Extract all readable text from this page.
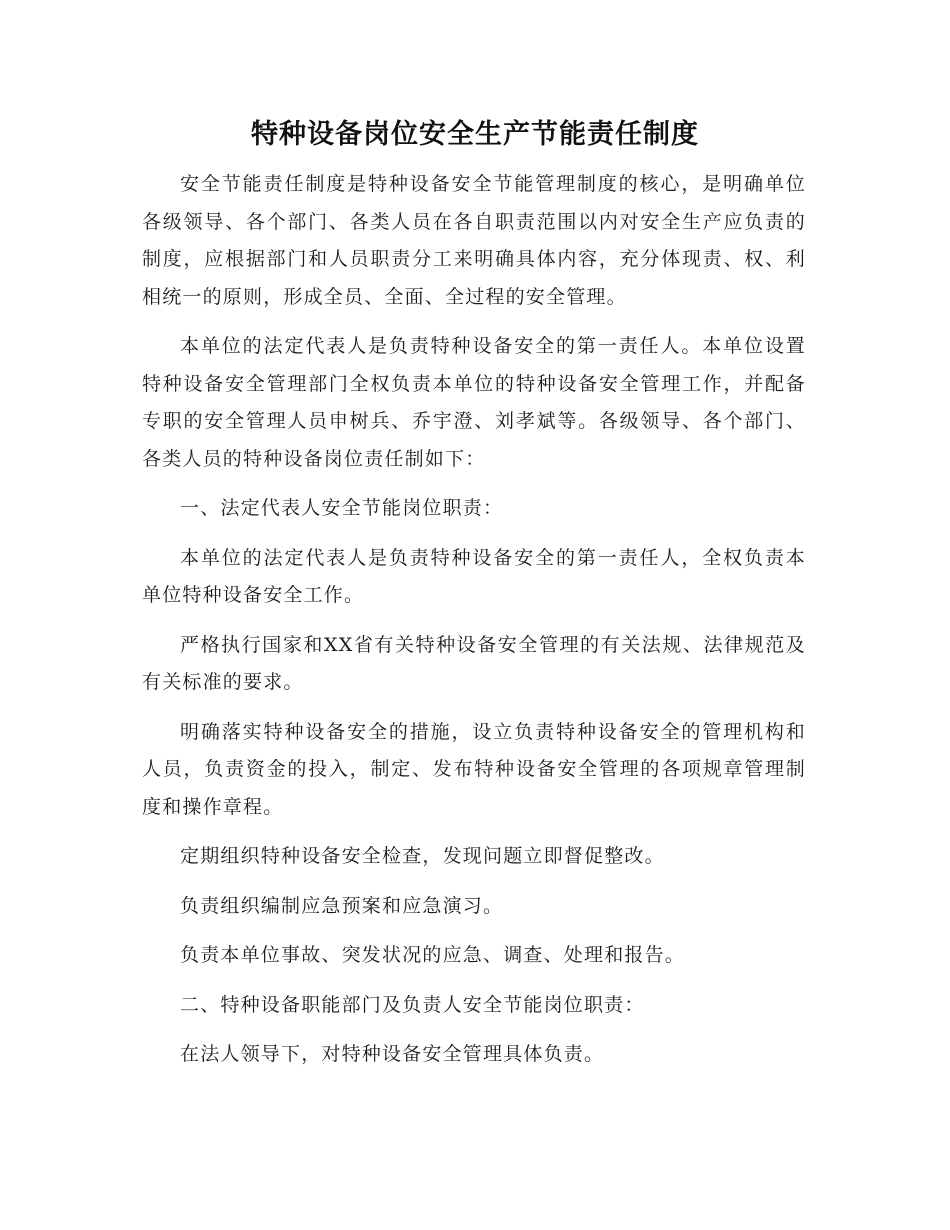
特种设备岗位安全生产节能责任制度

安全节能责任制度是特种设备安全节能管理制度的核心，是明确单位各级领导、各个部门、各类人员在各自职责范围以内对安全生产应负责的制度，应根据部门和人员职责分工来明确具体内容，充分体现责、权、利相统一的原则，形成全员、全面、全过程的安全管理。

本单位的法定代表人是负责特种设备安全的第一责任人。本单位设置特种设备安全管理部门全权负责本单位的特种设备安全管理工作，并配备专职的安全管理人员申树兵、乔宇澄、刘孝斌等。各级领导、各个部门、各类人员的特种设备岗位责任制如下：

一、法定代表人安全节能岗位职责：

本单位的法定代表人是负责特种设备安全的第一责任人，全权负责本单位特种设备安全工作。

严格执行国家和XX省有关特种设备安全管理的有关法规、法律规范及有关标准的要求。

明确落实特种设备安全的措施，设立负责特种设备安全的管理机构和人员，负责资金的投入，制定、发布特种设备安全管理的各项规章管理制度和操作章程。

定期组织特种设备安全检查，发现问题立即督促整改。

负责组织编制应急预案和应急演习。

负责本单位事故、突发状况的应急、调查、处理和报告。

二、特种设备职能部门及负责人安全节能岗位职责：

在法人领导下，对特种设备安全管理具体负责。
